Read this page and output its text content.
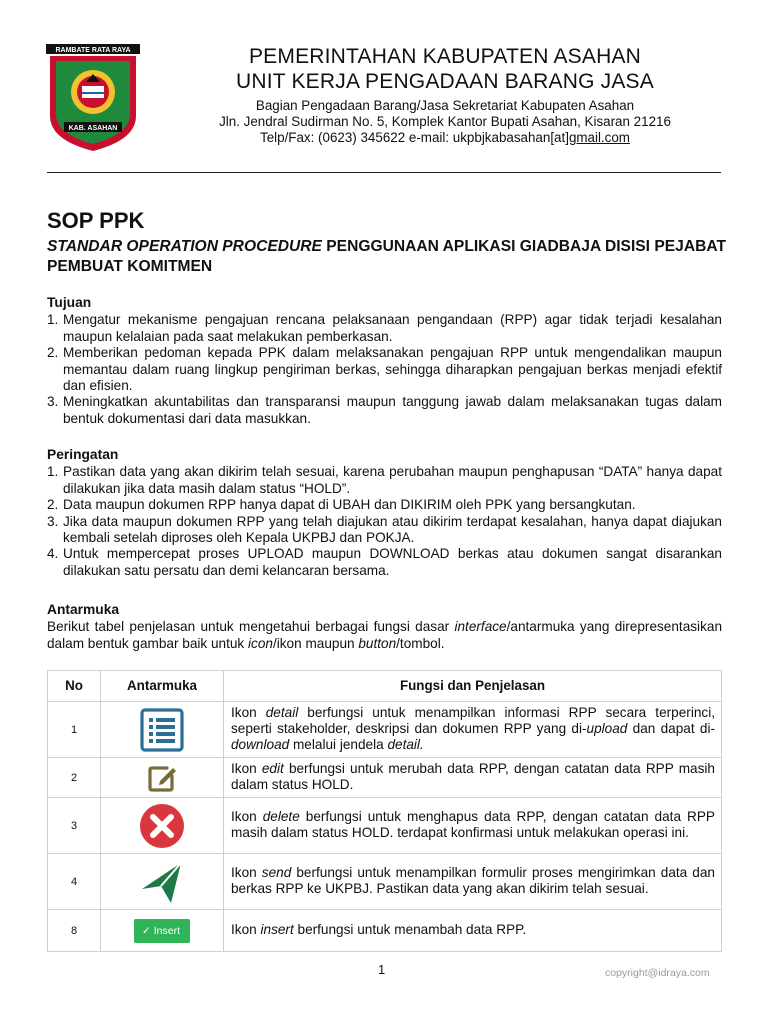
RAMBATE RATA RAYA
KAB. ASAHAN
PEMERINTAHAN KABUPATEN ASAHAN
UNIT KERJA PENGADAAN BARANG JASA
Bagian Pengadaan Barang/Jasa Sekretariat Kabupaten Asahan
Jln. Jendral Sudirman No. 5, Komplek Kantor Bupati Asahan, Kisaran 21216
Telp/Fax: (0623) 345622 e-mail: ukpbjkabasahan[at]gmail.com
SOP PPK
STANDAR OPERATION PROCEDURE PENGGUNAAN APLIKASI GIADBAJA DISISI PEJABAT PEMBUAT KOMITMEN
Tujuan
1. Mengatur mekanisme pengajuan rencana pelaksanaan pengandaan (RPP) agar tidak terjadi kesalahan maupun kelalaian pada saat melakukan pemberkasan.
2. Memberikan pedoman kepada PPK dalam melaksanakan pengajuan RPP untuk mengendalikan maupun memantau dalam ruang lingkup pengiriman berkas, sehingga diharapkan pengajuan berkas menjadi efektif dan efisien.
3. Meningkatkan akuntabilitas dan transparansi maupun tanggung jawab dalam melaksanakan tugas dalam bentuk dokumentasi dari data masukkan.
Peringatan
1. Pastikan data yang akan dikirim telah sesuai, karena perubahan maupun penghapusan “DATA” hanya dapat dilakukan jika data masih dalam status “HOLD”.
2. Data maupun dokumen RPP hanya dapat di UBAH dan DIKIRIM oleh PPK yang bersangkutan.
3. Jika data maupun dokumen RPP yang telah diajukan atau dikirim terdapat kesalahan, hanya dapat diajukan kembali setelah diproses oleh Kepala UKPBJ dan POKJA.
4. Untuk mempercepat proses UPLOAD maupun DOWNLOAD berkas atau dokumen sangat disarankan dilakukan satu persatu dan demi kelancaran bersama.
Antarmuka
Berikut tabel penjelasan untuk mengetahui berbagai fungsi dasar interface/antarmuka yang direpresentasikan dalam bentuk gambar baik untuk icon/ikon maupun button/tombol.
No	Antarmuka	Fungsi dan Penjelasan
1		Ikon detail berfungsi untuk menampilkan informasi RPP secara terperinci, seperti stakeholder, deskripsi dan dokumen RPP yang di-upload dan dapat di-download melalui jendela detail.
2		Ikon edit berfungsi untuk merubah data RPP, dengan catatan data RPP masih dalam status HOLD.
3		Ikon delete berfungsi untuk menghapus data RPP, dengan catatan data RPP masih dalam status HOLD. terdapat konfirmasi untuk melakukan operasi ini.
4		Ikon send berfungsi untuk menampilkan formulir proses mengirimkan data dan berkas RPP ke UKPBJ. Pastikan data yang akan dikirim telah sesuai.
8	✓ Insert	Ikon insert berfungsi untuk menambah data RPP.
1	copyright@idraya.com
